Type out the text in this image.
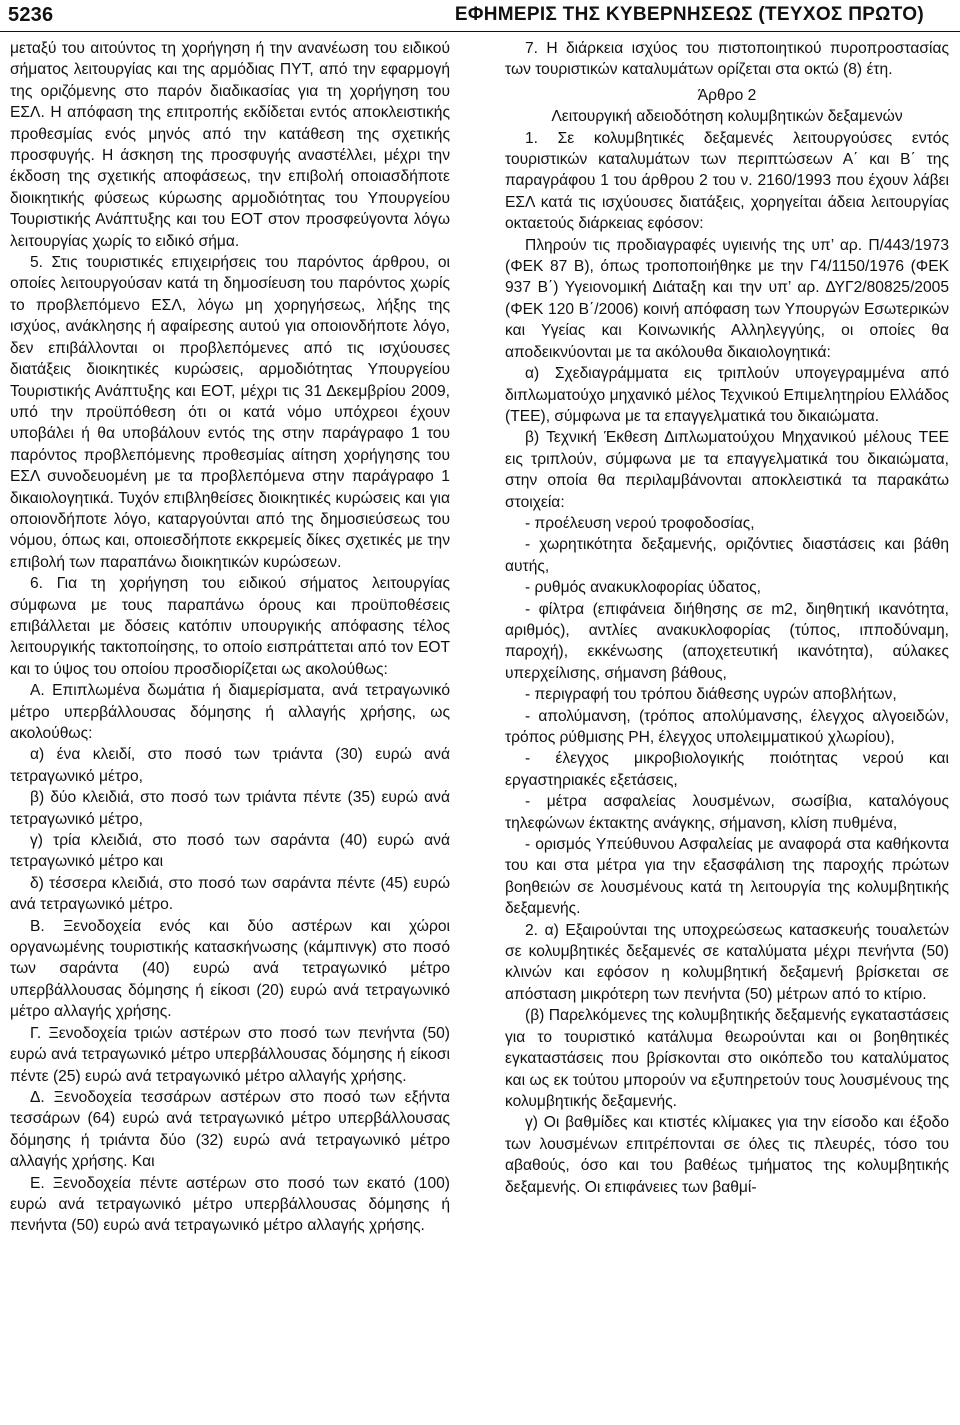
5236	ΕΦΗΜΕΡΙΣ ΤΗΣ ΚΥΒΕΡΝΗΣΕΩΣ (ΤΕΥΧΟΣ ΠΡΩΤΟ)

μεταξύ του αιτούντος τη χορήγηση ή την ανανέωση του ειδικού σήματος λειτουργίας και της αρμόδιας ΠΥΤ, από την εφαρμογή της οριζόμενης στο παρόν διαδικασίας για τη χορήγηση του ΕΣΛ. Η απόφαση της επιτροπής εκδίδεται εντός αποκλειστικής προθεσμίας ενός μηνός από την κατάθεση της σχετικής προσφυγής. Η άσκηση της προσφυγής αναστέλλει, μέχρι την έκδοση της σχετικής αποφάσεως, την επιβολή οποιασδήποτε διοικητικής φύσεως κύρωσης αρμοδιότητας του Υπουργείου Τουριστικής Ανάπτυξης και του ΕΟΤ στον προσφεύγοντα λόγω λειτουργίας χωρίς το ειδικό σήμα.

5. Στις τουριστικές επιχειρήσεις του παρόντος άρθρου, οι οποίες λειτουργούσαν κατά τη δημοσίευση του παρόντος χωρίς το προβλεπόμενο ΕΣΛ, λόγω μη χορηγήσεως, λήξης της ισχύος, ανάκλησης ή αφαίρεσης αυτού για οποιονδήποτε λόγο, δεν επιβάλλονται οι προβλεπόμενες από τις ισχύουσες διατάξεις διοικητικές κυρώσεις, αρμοδιότητας Υπουργείου Τουριστικής Ανάπτυξης και ΕΟΤ, μέχρι τις 31 Δεκεμβρίου 2009, υπό την προϋπόθεση ότι οι κατά νόμο υπόχρεοι έχουν υποβάλει ή θα υποβάλουν εντός της στην παράγραφο 1 του παρόντος προβλεπόμενης προθεσμίας αίτηση χορήγησης του ΕΣΛ συνοδευομένη με τα προβλεπόμενα στην παράγραφο 1 δικαιολογητικά. Τυχόν επιβληθείσες διοικητικές κυρώσεις και για οποιονδήποτε λόγο, καταργούνται από της δημοσιεύσεως του νόμου, όπως και, οποιεσδήποτε εκκρεμείς δίκες σχετικές με την επιβολή των παραπάνω διοικητικών κυρώσεων.

6. Για τη χορήγηση του ειδικού σήματος λειτουργίας σύμφωνα με τους παραπάνω όρους και προϋποθέσεις επιβάλλεται με δόσεις κατόπιν υπουργικής απόφασης τέλος λειτουργικής τακτοποίησης, το οποίο εισπράττεται από τον ΕΟΤ και το ύψος του οποίου προσδιορίζεται ως ακολούθως:

Α. Επιπλωμένα δωμάτια ή διαμερίσματα, ανά τετραγωνικό μέτρο υπερβάλλουσας δόμησης ή αλλαγής χρήσης, ως ακολούθως:

α) ένα κλειδί, στο ποσό των τριάντα (30) ευρώ ανά τετραγωνικό μέτρο,

β) δύο κλειδιά, στο ποσό των τριάντα πέντε (35) ευρώ ανά τετραγωνικό μέτρο,

γ) τρία κλειδιά, στο ποσό των σαράντα (40) ευρώ ανά τετραγωνικό μέτρο και

δ) τέσσερα κλειδιά, στο ποσό των σαράντα πέντε (45) ευρώ ανά τετραγωνικό μέτρο.

Β. Ξενοδοχεία ενός και δύο αστέρων και χώροι οργανωμένης τουριστικής κατασκήνωσης (κάμπινγκ) στο ποσό των σαράντα (40) ευρώ ανά τετραγωνικό μέτρο υπερβάλλουσας δόμησης ή είκοσι (20) ευρώ ανά τετραγωνικό μέτρο αλλαγής χρήσης.

Γ. Ξενοδοχεία τριών αστέρων στο ποσό των πενήντα (50) ευρώ ανά τετραγωνικό μέτρο υπερβάλλουσας δόμησης ή είκοσι πέντε (25) ευρώ ανά τετραγωνικό μέτρο αλλαγής χρήσης.

Δ. Ξενοδοχεία τεσσάρων αστέρων στο ποσό των εξήντα τεσσάρων (64) ευρώ ανά τετραγωνικό μέτρο υπερβάλλουσας δόμησης ή τριάντα δύο (32) ευρώ ανά τετραγωνικό μέτρο αλλαγής χρήσης. Και

Ε. Ξενοδοχεία πέντε αστέρων στο ποσό των εκατό (100) ευρώ ανά τετραγωνικό μέτρο υπερβάλλουσας δόμησης ή πενήντα (50) ευρώ ανά τετραγωνικό μέτρο αλλαγής χρήσης.

7. Η διάρκεια ισχύος του πιστοποιητικού πυροπροστασίας των τουριστικών καταλυμάτων ορίζεται στα οκτώ (8) έτη.

Άρθρο 2

Λειτουργική αδειοδότηση κολυμβητικών δεξαμενών

1. Σε κολυμβητικές δεξαμενές λειτουργούσες εντός τουριστικών καταλυμάτων των περιπτώσεων Α΄ και Β΄ της παραγράφου 1 του άρθρου 2 του ν. 2160/1993 που έχουν λάβει ΕΣΛ κατά τις ισχύουσες διατάξεις, χορηγείται άδεια λειτουργίας οκταετούς διάρκειας εφόσον:

Πληρούν τις προδιαγραφές υγιεινής της υπ’ αρ. Π/443/1973 (ΦΕΚ 87 Β), όπως τροποποιήθηκε με την Γ4/1150/1976 (ΦΕΚ 937 Β΄) Υγειονομική Διάταξη και την υπ’ αρ. ΔΥΓ2/80825/2005 (ΦΕΚ 120 Β΄/2006) κοινή απόφαση των Υπουργών Εσωτερικών και Υγείας και Κοινωνικής Αλληλεγγύης, οι οποίες θα αποδεικνύονται με τα ακόλουθα δικαιολογητικά:

α) Σχεδιαγράμματα εις τριπλούν υπογεγραμμένα από διπλωματούχο μηχανικό μέλος Τεχνικού Επιμελητηρίου Ελλάδος (ΤΕΕ), σύμφωνα με τα επαγγελματικά του δικαιώματα.

β) Τεχνική Έκθεση Διπλωματούχου Μηχανικού μέλους ΤΕΕ εις τριπλούν, σύμφωνα με τα επαγγελματικά του δικαιώματα, στην οποία θα περιλαμβάνονται αποκλειστικά τα παρακάτω στοιχεία:

- προέλευση νερού τροφοδοσίας,

- χωρητικότητα δεξαμενής, οριζόντιες διαστάσεις και βάθη αυτής,

- ρυθμός ανακυκλοφορίας ύδατος,

- φίλτρα (επιφάνεια διήθησης σε m2, διηθητική ικανότητα, αριθμός), αντλίες ανακυκλοφορίας (τύπος, ιπποδύναμη, παροχή), εκκένωσης (αποχετευτική ικανότητα), αύλακες υπερχείλισης, σήμανση βάθους,

- περιγραφή του τρόπου διάθεσης υγρών αποβλήτων,

- απολύμανση, (τρόπος απολύμανσης, έλεγχος αλγοειδών, τρόπος ρύθμισης PH, έλεγχος υπολειμματικού χλωρίου),

- έλεγχος μικροβιολογικής ποιότητας νερού και εργαστηριακές εξετάσεις,

- μέτρα ασφαλείας λουσμένων, σωσίβια, καταλόγους τηλεφώνων έκτακτης ανάγκης, σήμανση, κλίση πυθμένα,

- ορισμός Υπεύθυνου Ασφαλείας με αναφορά στα καθήκοντα του και στα μέτρα για την εξασφάλιση της παροχής πρώτων βοηθειών σε λουσμένους κατά τη λειτουργία της κολυμβητικής δεξαμενής.

2. α) Εξαιρούνται της υποχρεώσεως κατασκευής τουαλετών σε κολυμβητικές δεξαμενές σε καταλύματα μέχρι πενήντα (50) κλινών και εφόσον η κολυμβητική δεξαμενή βρίσκεται σε απόσταση μικρότερη των πενήντα (50) μέτρων από το κτίριο.

(β) Παρελκόμενες της κολυμβητικής δεξαμενής εγκαταστάσεις για το τουριστικό κατάλυμα θεωρούνται και οι βοηθητικές εγκαταστάσεις που βρίσκονται στο οικόπεδο του καταλύματος και ως εκ τούτου μπορούν να εξυπηρετούν τους λουσμένους της κολυμβητικής δεξαμενής.

γ) Οι βαθμίδες και κτιστές κλίμακες για την είσοδο και έξοδο των λουσμένων επιτρέπονται σε όλες τις πλευρές, τόσο του αβαθούς, όσο και του βαθέως τμήματος της κολυμβητικής δεξαμενής. Οι επιφάνειες των βαθμί-
